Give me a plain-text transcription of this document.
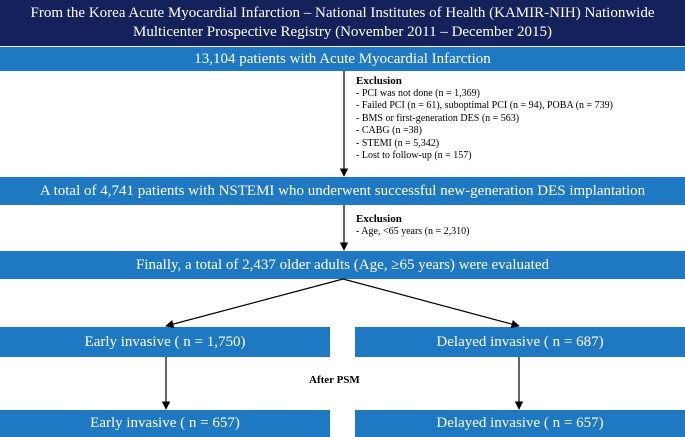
From the Korea Acute Myocardial Infarction – National Institutes of Health (KAMIR-NIH) Nationwide
Multicenter Prospective Registry (November 2011 – December 2015)
13,104 patients with Acute Myocardial Infarction
Exclusion
- PCI was not done (n = 1,369)
- Failed PCI (n = 61), suboptimal PCI (n = 94), POBA (n = 739)
- BMS or first-generation DES (n = 563)
- CABG (n =38)
- STEMI (n = 5,342)
- Lost to follow-up (n = 157)
A total of 4,741 patients with NSTEMI who underwent successful new-generation DES implantation
Exclusion
- Age, <65 years (n = 2,310)
Finally, a total of 2,437 older adults (Age, ≥65 years) were evaluated
Early invasive ( n = 1,750)	Delayed invasive ( n = 687)
After PSM
Early invasive ( n = 657)	Delayed invasive ( n = 657)
